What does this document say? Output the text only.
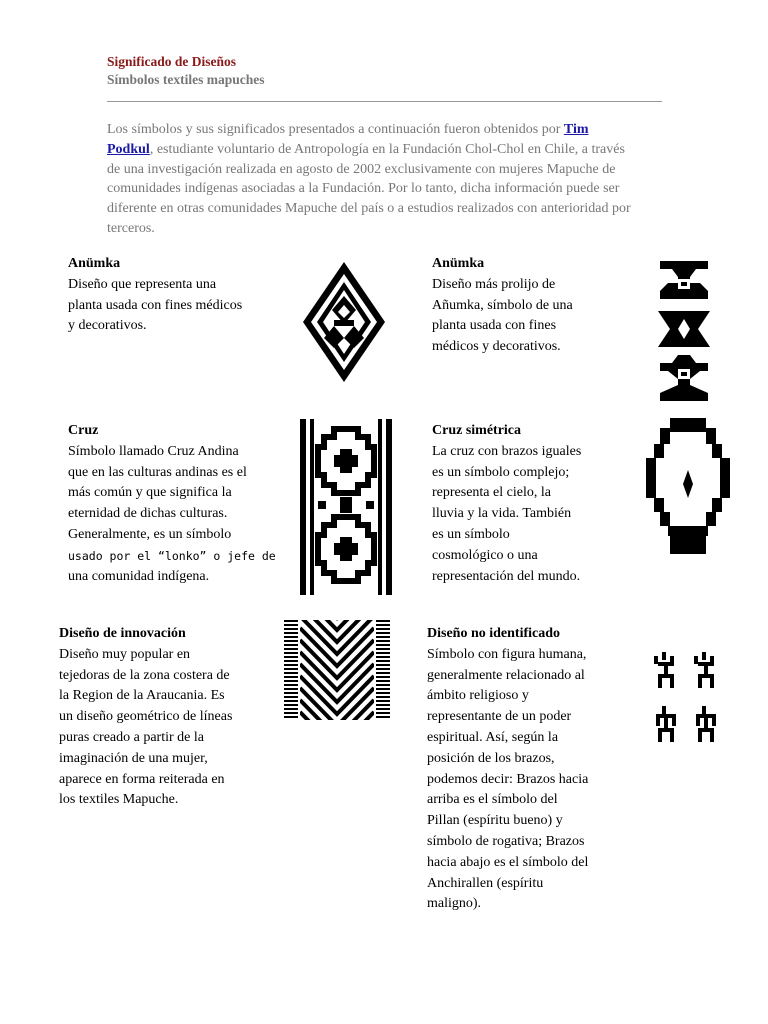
Significado de Diseños
Símbolos textiles mapuches
Los símbolos y sus significados presentados a continuación fueron obtenidos por Tim Podkul, estudiante voluntario de Antropología en la Fundación Chol-Chol en Chile, a través de una investigación realizada en agosto de 2002 exclusivamente con mujeres Mapuche de comunidades indígenas asociadas a la Fundación. Por lo tanto, dicha información puede ser diferente en otras comunidades Mapuche del país o a estudios realizados con anterioridad por terceros.
Anümka
Diseño que representa una
planta usada con fines médicos
y decorativos.
Anümka
Diseño más prolijo de
Añumka, símbolo de una
planta usada con fines
médicos y decorativos.
Cruz
Símbolo llamado Cruz Andina
que en las culturas andinas es el
más común y que significa la
eternidad de dichas culturas.
Generalmente, es un símbolo
usado por el “lonko” o jefe de
una comunidad indígena.
Cruz simétrica
La cruz con brazos iguales
es un símbolo complejo;
representa el cielo, la
lluvia y la vida. También
es un símbolo
cosmológico o una
representación del mundo.
Diseño de innovación
Diseño muy popular en
tejedoras de la zona costera de
la Region de la Araucania. Es
un diseño geométrico de líneas
puras creado a partir de la
imaginación de una mujer,
aparece en forma reiterada en
los textiles Mapuche.
Diseño no identificado
Símbolo con figura humana,
generalmente relacionado al
ámbito religioso y
representante de un poder
espiritual. Así, según la
posición de los brazos,
podemos decir: Brazos hacia
arriba es el símbolo del
Pillan (espíritu bueno) y
símbolo de rogativa; Brazos
hacia abajo es el símbolo del
Anchirallen (espíritu
maligno).
